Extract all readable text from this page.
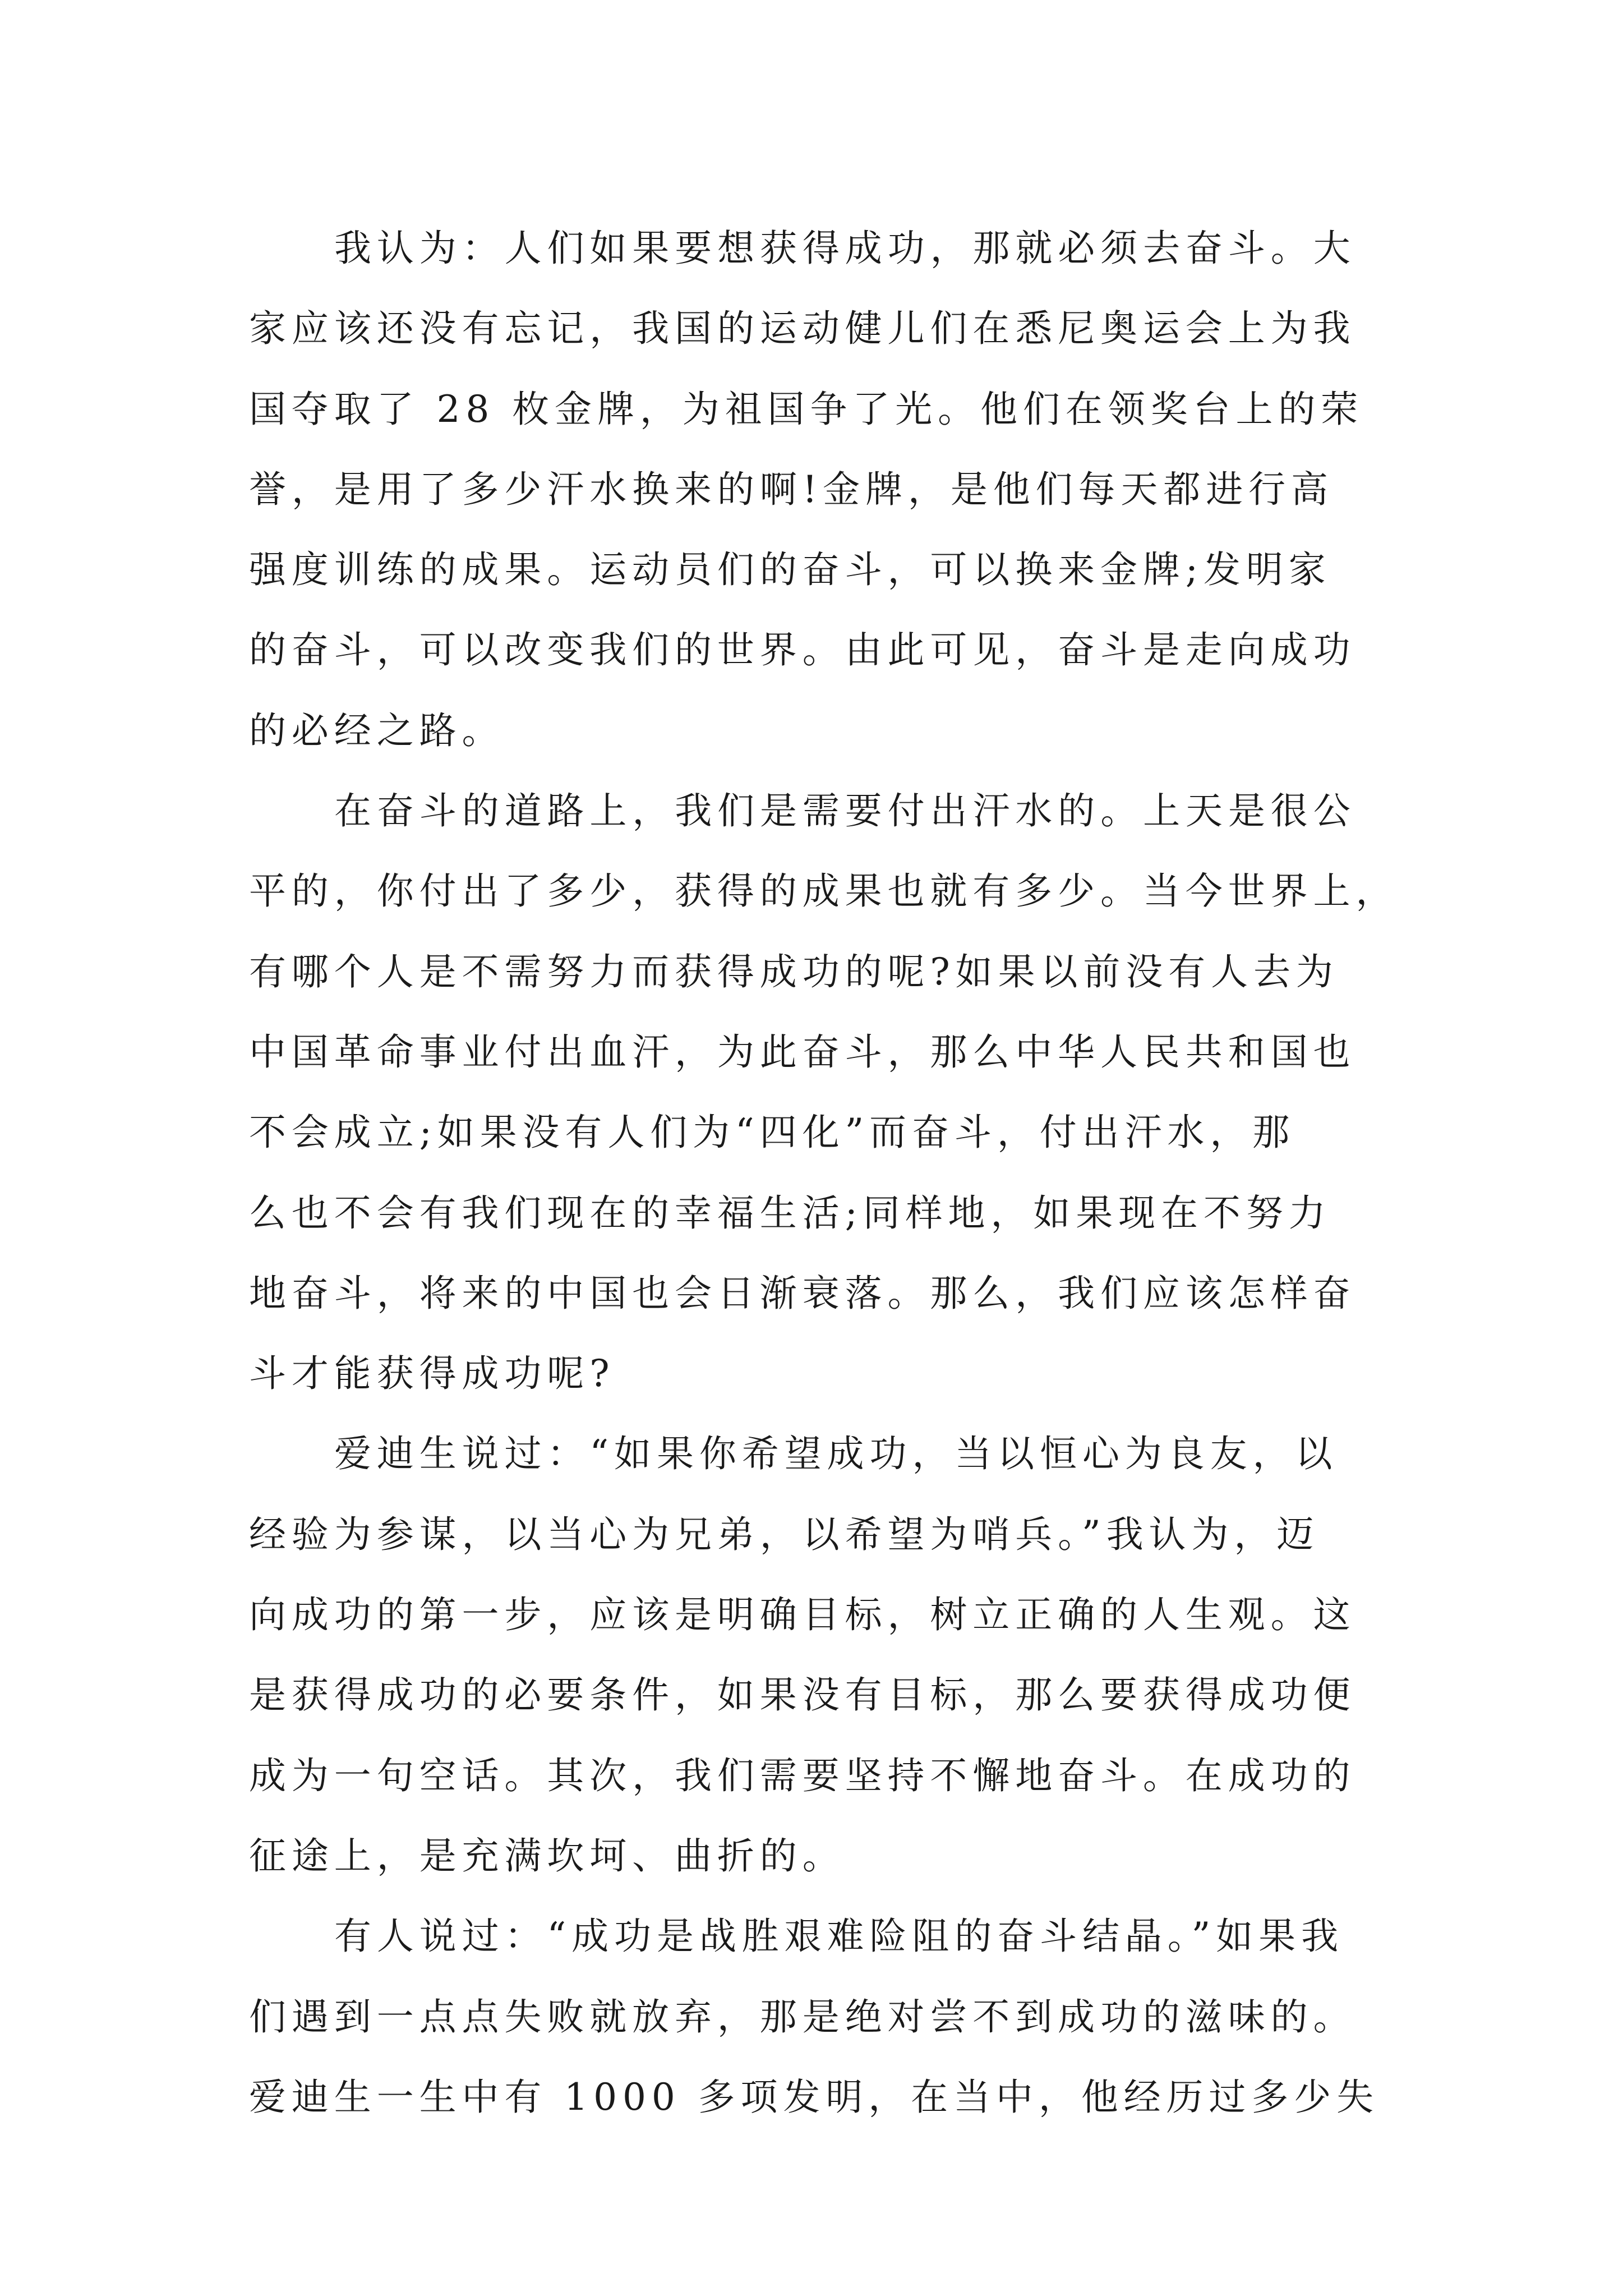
我认为：人们如果要想获得成功，那就必须去奋斗。大
家应该还没有忘记，我国的运动健儿们在悉尼奥运会上为我
国夺取了 28 枚金牌，为祖国争了光。他们在领奖台上的荣
誉，是用了多少汗水换来的啊!金牌，是他们每天都进行高
强度训练的成果。运动员们的奋斗，可以换来金牌;发明家
的奋斗，可以改变我们的世界。由此可见，奋斗是走向成功
的必经之路。
在奋斗的道路上，我们是需要付出汗水的。上天是很公
平的，你付出了多少，获得的成果也就有多少。当今世界上，
有哪个人是不需努力而获得成功的呢?如果以前没有人去为
中国革命事业付出血汗，为此奋斗，那么中华人民共和国也
不会成立;如果没有人们为“四化”而奋斗，付出汗水，那
么也不会有我们现在的幸福生活;同样地，如果现在不努力
地奋斗，将来的中国也会日渐衰落。那么，我们应该怎样奋
斗才能获得成功呢?
爱迪生说过：“如果你希望成功，当以恒心为良友，以
经验为参谋，以当心为兄弟，以希望为哨兵。”我认为，迈
向成功的第一步，应该是明确目标，树立正确的人生观。这
是获得成功的必要条件，如果没有目标，那么要获得成功便
成为一句空话。其次，我们需要坚持不懈地奋斗。在成功的
征途上，是充满坎坷、曲折的。
有人说过：“成功是战胜艰难险阻的奋斗结晶。”如果我
们遇到一点点失败就放弃，那是绝对尝不到成功的滋味的。
爱迪生一生中有 1000 多项发明，在当中，他经历过多少失
